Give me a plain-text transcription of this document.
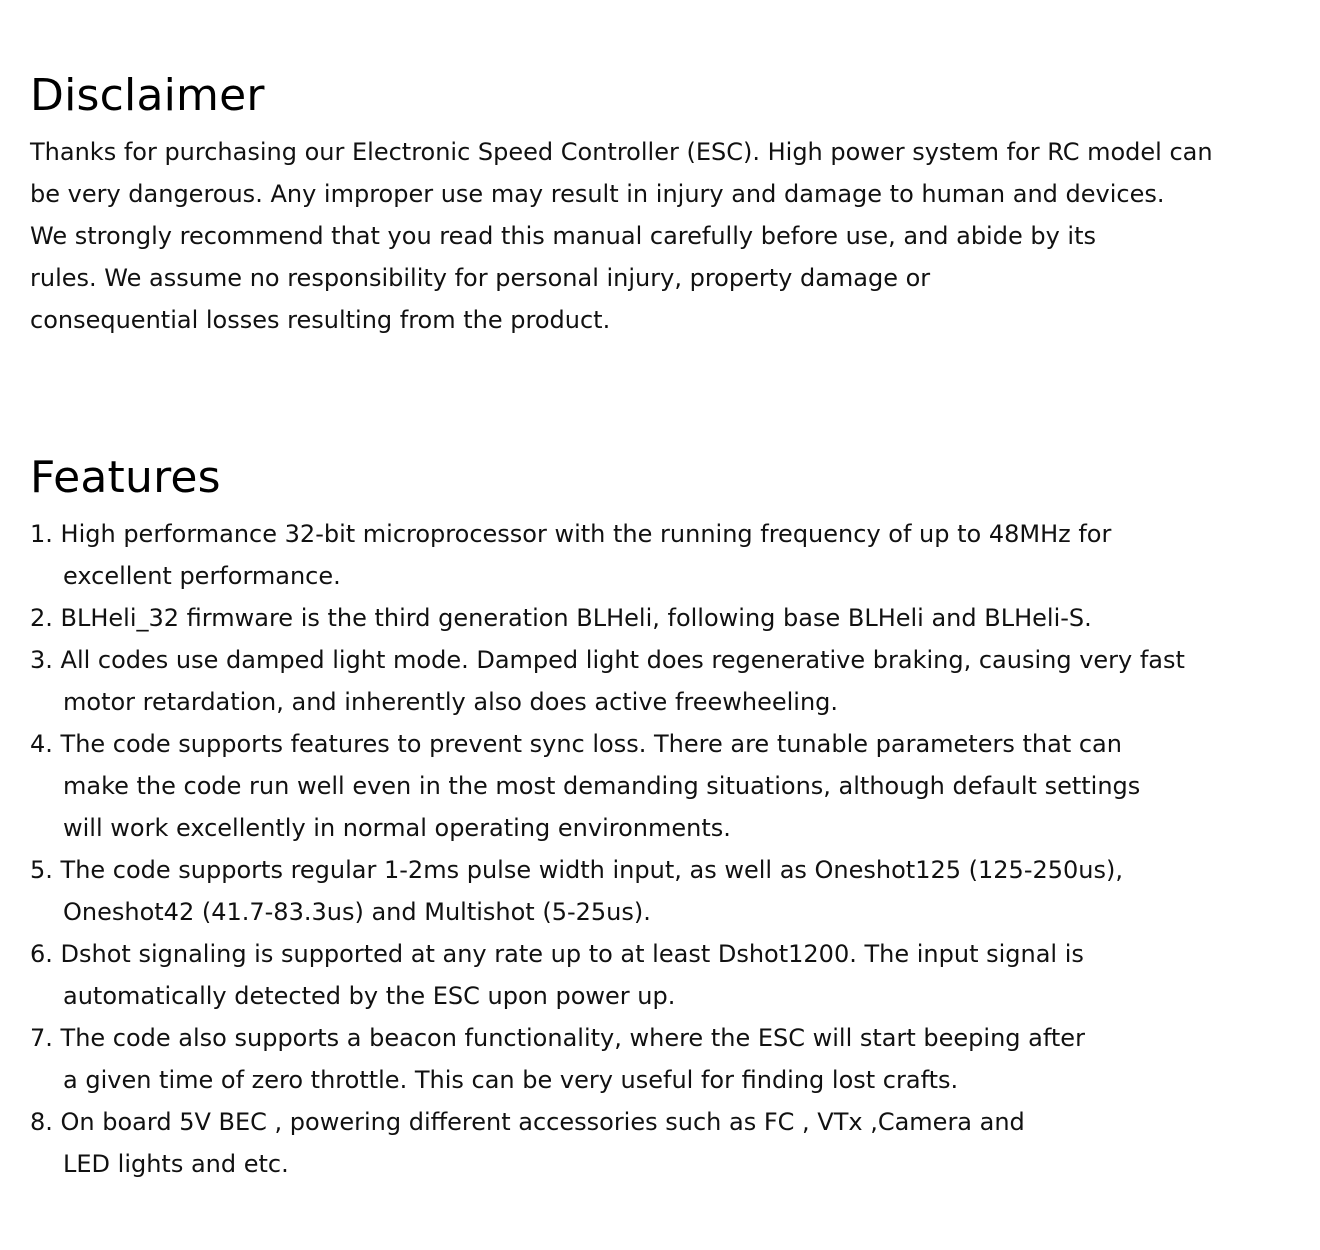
Disclaimer
Thanks for purchasing our Electronic Speed Controller (ESC). High power system for RC model can
be very dangerous. Any improper use may result in injury and damage to human and devices.
We strongly recommend that you read this manual carefully before use, and abide by its
rules. We assume no responsibility for personal injury, property damage or
consequential losses resulting from the product.
Features
1. High performance 32-bit microprocessor with the running frequency of up to 48MHz for
excellent performance.
2. BLHeli_32 firmware is the third generation BLHeli, following base BLHeli and BLHeli-S.
3. All codes use damped light mode. Damped light does regenerative braking, causing very fast
motor retardation, and inherently also does active freewheeling.
4. The code supports features to prevent sync loss. There are tunable parameters that can
make the code run well even in the most demanding situations, although default settings
will work excellently in normal operating environments.
5. The code supports regular 1-2ms pulse width input, as well as Oneshot125 (125-250us),
Oneshot42 (41.7-83.3us) and Multishot (5-25us).
6. Dshot signaling is supported at any rate up to at least Dshot1200. The input signal is
automatically detected by the ESC upon power up.
7. The code also supports a beacon functionality, where the ESC will start beeping after
a given time of zero throttle. This can be very useful for finding lost crafts.
8. On board 5V BEC , powering different accessories such as FC , VTx ,Camera and
LED lights and etc.
